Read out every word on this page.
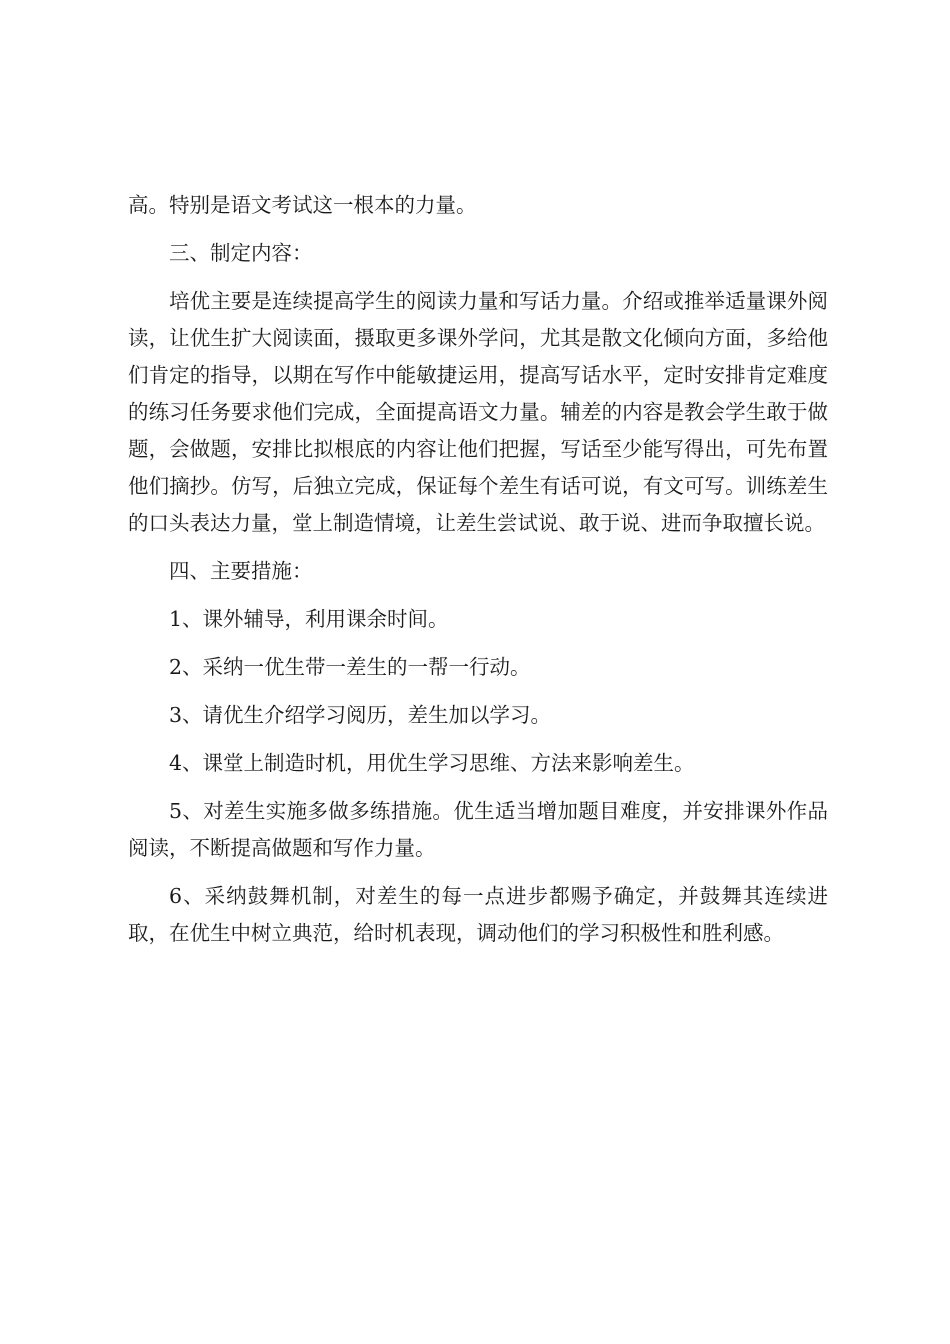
高。特别是语文考试这一根本的力量。

三、制定内容：

培优主要是连续提高学生的阅读力量和写话力量。介绍或推举适量课外阅读，让优生扩大阅读面，摄取更多课外学问，尤其是散文化倾向方面，多给他们肯定的指导，以期在写作中能敏捷运用，提高写话水平，定时安排肯定难度的练习任务要求他们完成，全面提高语文力量。辅差的内容是教会学生敢于做题，会做题，安排比拟根底的内容让他们把握，写话至少能写得出，可先布置他们摘抄。仿写，后独立完成，保证每个差生有话可说，有文可写。训练差生的口头表达力量，堂上制造情境，让差生尝试说、敢于说、进而争取擅长说。

四、主要措施：

1、课外辅导，利用课余时间。

2、采纳一优生带一差生的一帮一行动。

3、请优生介绍学习阅历，差生加以学习。

4、课堂上制造时机，用优生学习思维、方法来影响差生。

5、对差生实施多做多练措施。优生适当增加题目难度，并安排课外作品阅读，不断提高做题和写作力量。

6、采纳鼓舞机制，对差生的每一点进步都赐予确定，并鼓舞其连续进取，在优生中树立典范，给时机表现，调动他们的学习积极性和胜利感。
